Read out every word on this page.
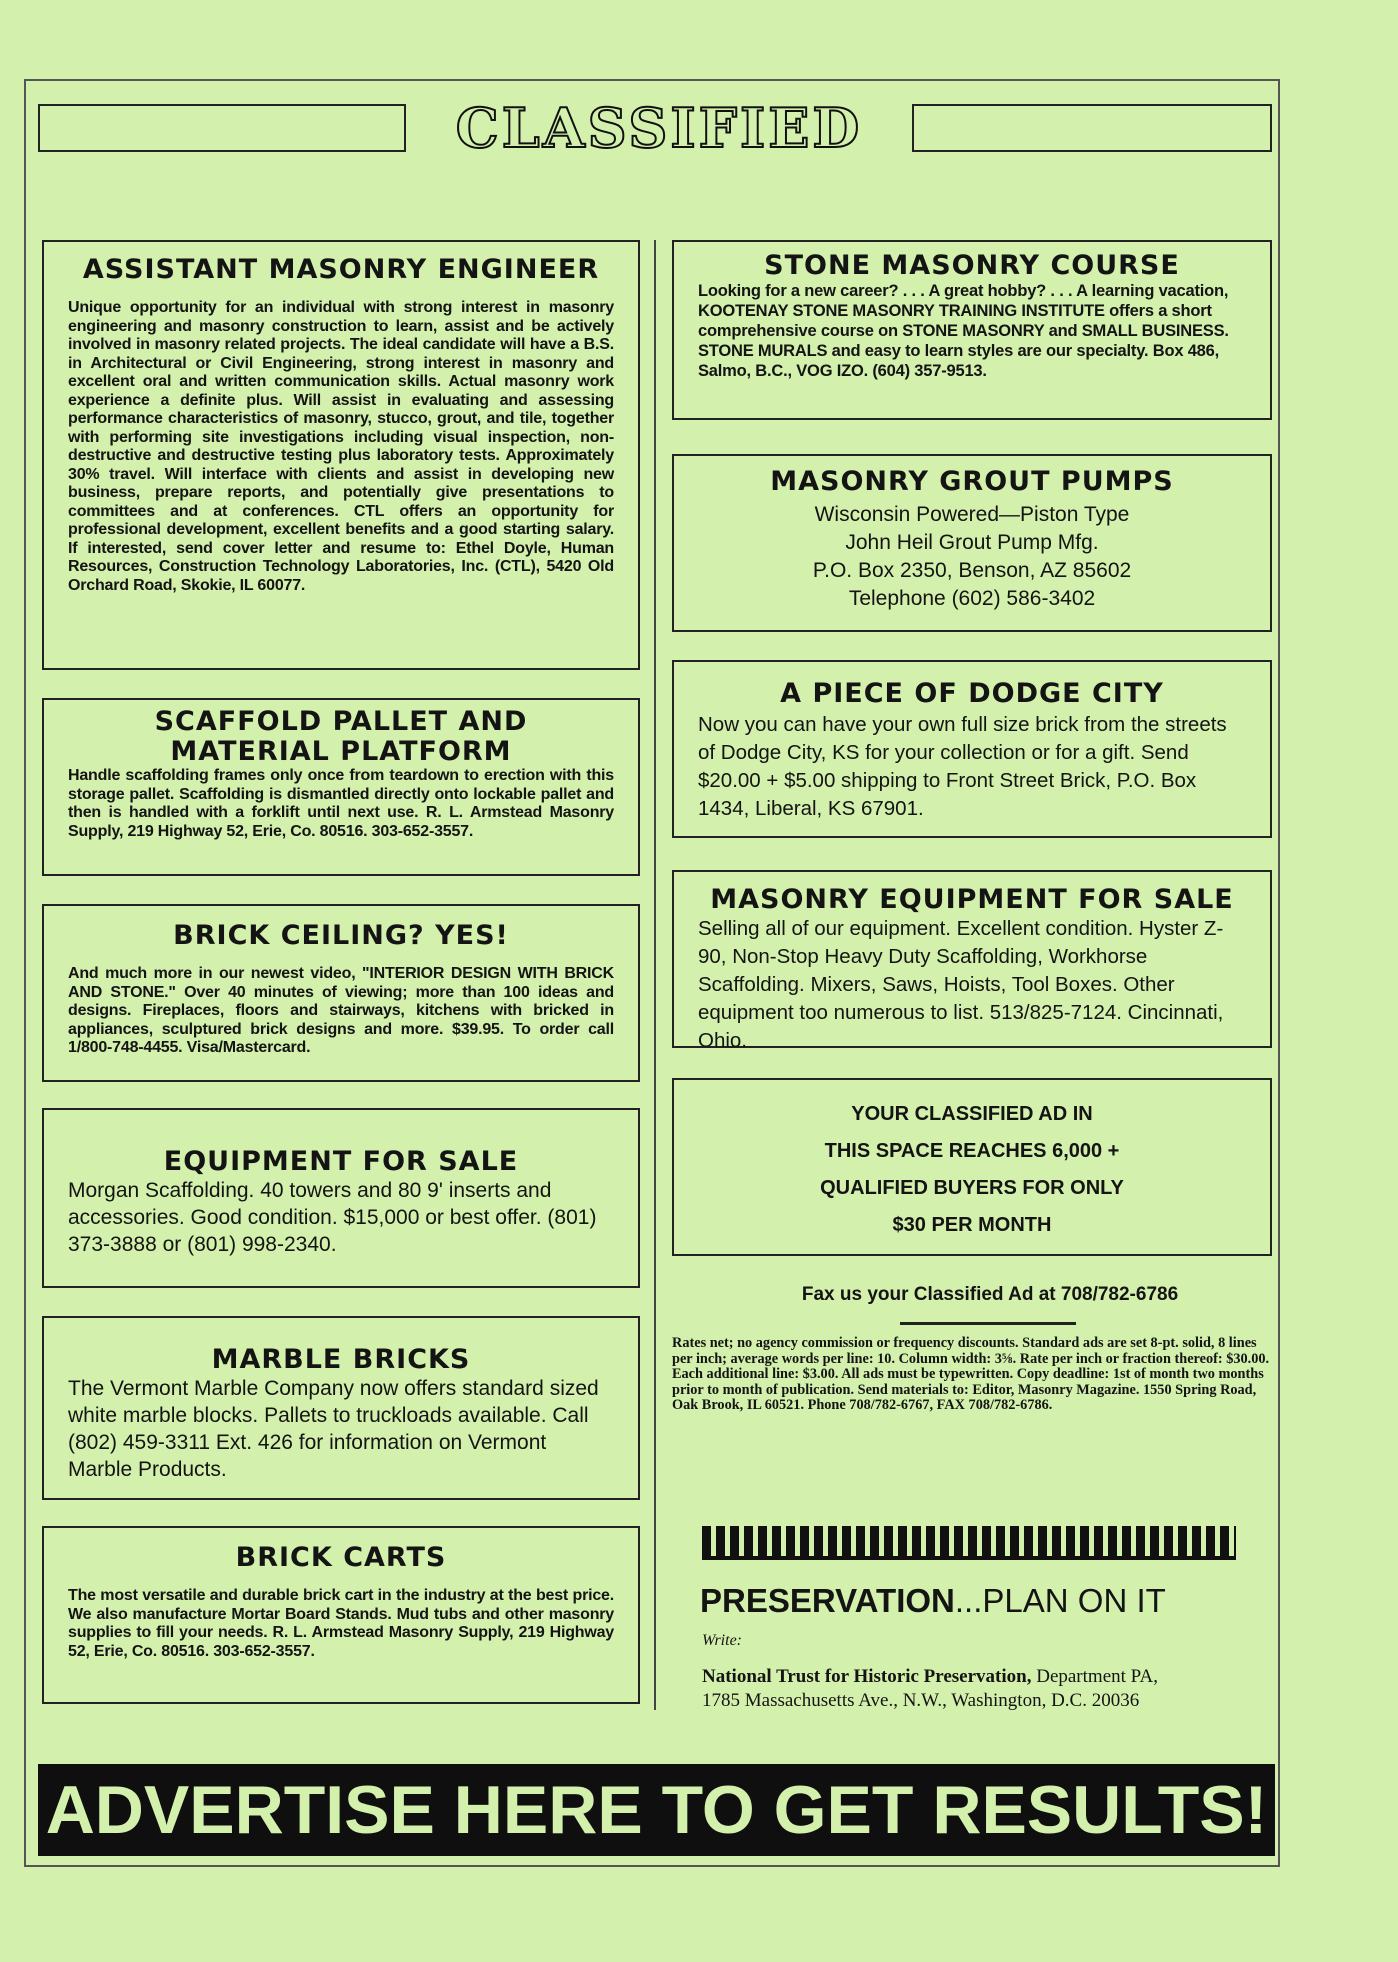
CLASSIFIED
ASSISTANT MASONRY ENGINEER

Unique opportunity for an individual with strong interest in masonry engineering and masonry construction to learn, assist and be actively involved in masonry related projects. The ideal candidate will have a B.S. in Architectural or Civil Engineering, strong interest in masonry and excellent oral and written communication skills. Actual masonry work experience a definite plus. Will assist in evaluating and assessing performance characteristics of masonry, stucco, grout, and tile, together with performing site investigations including visual inspection, non-destructive and destructive testing plus laboratory tests. Approximately 30% travel. Will interface with clients and assist in developing new business, prepare reports, and potentially give presentations to committees and at conferences. CTL offers an opportunity for professional development, excellent benefits and a good starting salary. If interested, send cover letter and resume to: Ethel Doyle, Human Resources, Construction Technology Laboratories, Inc. (CTL), 5420 Old Orchard Road, Skokie, IL 60077.

SCAFFOLD PALLET AND MATERIAL PLATFORM

Handle scaffolding frames only once from teardown to erection with this storage pallet. Scaffolding is dismantled directly onto lockable pallet and then is handled with a forklift until next use. R. L. Armstead Masonry Supply, 219 Highway 52, Erie, Co. 80516. 303-652-3557.

BRICK CEILING? YES!

And much more in our newest video, "INTERIOR DESIGN WITH BRICK AND STONE." Over 40 minutes of viewing; more than 100 ideas and designs. Fireplaces, floors and stairways, kitchens with bricked in appliances, sculptured brick designs and more. $39.95. To order call 1/800-748-4455. Visa/Mastercard.

EQUIPMENT FOR SALE

Morgan Scaffolding. 40 towers and 80 9' inserts and accessories. Good condition. $15,000 or best offer. (801) 373-3888 or (801) 998-2340.

MARBLE BRICKS

The Vermont Marble Company now offers standard sized white marble blocks. Pallets to truckloads available. Call (802) 459-3311 Ext. 426 for information on Vermont Marble Products.

BRICK CARTS

The most versatile and durable brick cart in the industry at the best price. We also manufacture Mortar Board Stands. Mud tubs and other masonry supplies to fill your needs. R. L. Armstead Masonry Supply, 219 Highway 52, Erie, Co. 80516. 303-652-3557.

STONE MASONRY COURSE

Looking for a new career? . . . A great hobby? . . . A learning vacation, KOOTENAY STONE MASONRY TRAINING INSTITUTE offers a short comprehensive course on STONE MASONRY and SMALL BUSINESS. STONE MURALS and easy to learn styles are our specialty. Box 486, Salmo, B.C., VOG IZO. (604) 357-9513.

MASONRY GROUT PUMPS

Wisconsin Powered—Piston Type

John Heil Grout Pump Mfg.

P.O. Box 2350, Benson, AZ 85602

Telephone (602) 586-3402

A PIECE OF DODGE CITY

Now you can have your own full size brick from the streets of Dodge City, KS for your collection or for a gift. Send $20.00 + $5.00 shipping to Front Street Brick, P.O. Box 1434, Liberal, KS 67901.

MASONRY EQUIPMENT FOR SALE

Selling all of our equipment. Excellent condition. Hyster Z-90, Non-Stop Heavy Duty Scaffolding, Workhorse Scaffolding. Mixers, Saws, Hoists, Tool Boxes. Other equipment too numerous to list. 513/825-7124. Cincinnati, Ohio.

YOUR CLASSIFIED AD IN

THIS SPACE REACHES 6,000 +

QUALIFIED BUYERS FOR ONLY

$30 PER MONTH

Fax us your Classified Ad at 708/782-6786
Rates net; no agency commission or frequency discounts. Standard ads are set 8-pt. solid, 8 lines per inch; average words per line: 10. Column width: 3⅝. Rate per inch or fraction thereof: $30.00. Each additional line: $3.00. All ads must be typewritten. Copy deadline: 1st of month two months prior to month of publication. Send materials to: Editor, Masonry Magazine. 1550 Spring Road, Oak Brook, IL 60521. Phone 708/782-6767, FAX 708/782-6786.
PRESERVATION...PLAN ON IT
Write:
National Trust for Historic Preservation, Department PA,
1785 Massachusetts Ave., N.W., Washington, D.C. 20036
ADVERTISE HERE TO GET RESULTS!
